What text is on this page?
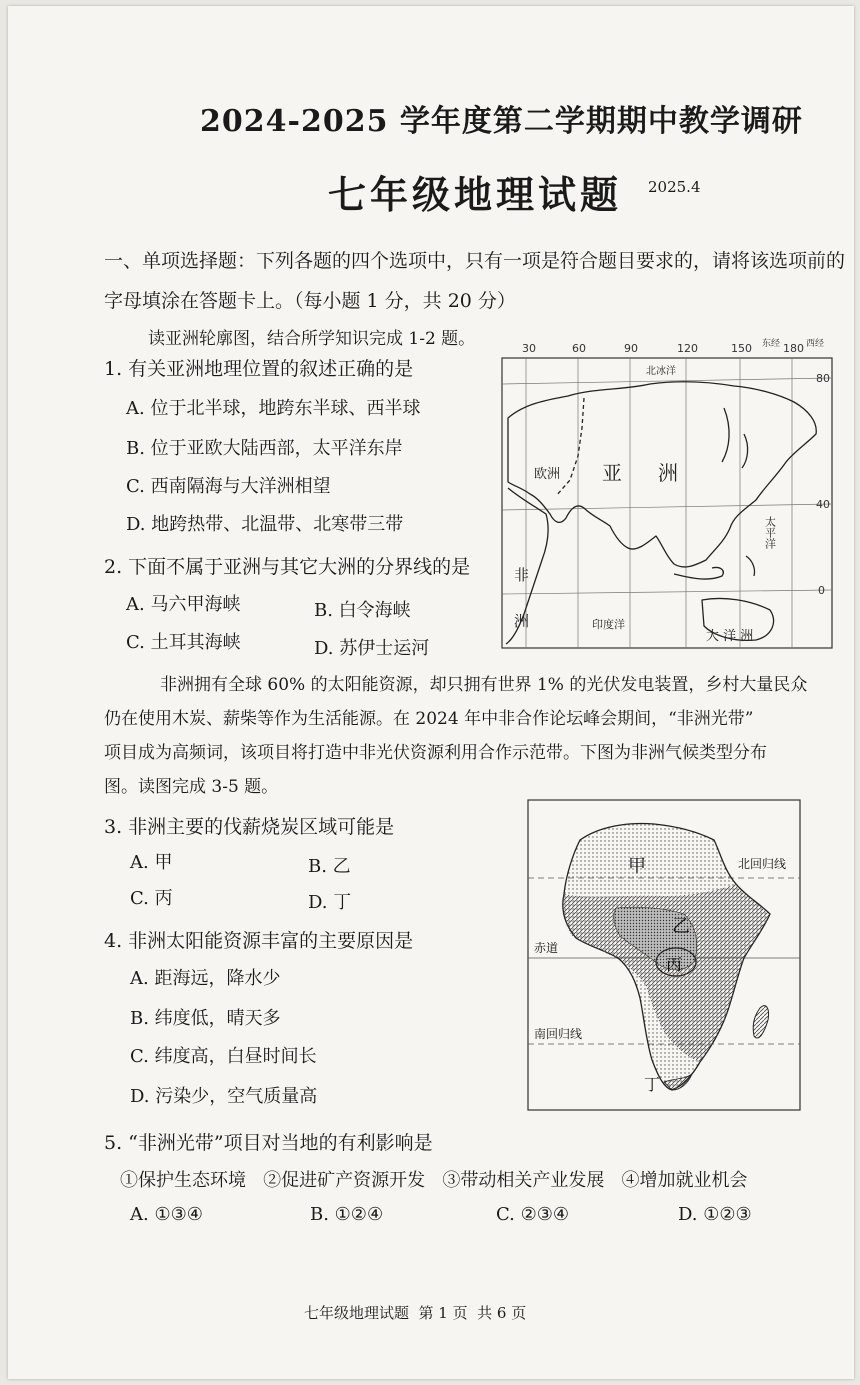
2024-2025 学年度第二学期期中教学调研
七年级地理试题 2025.4
一、单项选择题：下列各题的四个选项中，只有一项是符合题目要求的，请将该选项前的
字母填涂在答题卡上。（每小题 1 分，共 20 分）
读亚洲轮廓图，结合所学知识完成 1-2 题。
1. 有关亚洲地理位置的叙述正确的是
A. 位于北半球，地跨东半球、西半球
B. 位于亚欧大陆西部，太平洋东岸
C. 西南隔海与大洋洲相望
D. 地跨热带、北温带、北寒带三带
2. 下面不属于亚洲与其它大洲的分界线的是
A. 马六甲海峡	B. 白令海峡
C. 土耳其海峡	D. 苏伊士运河
30	60	90	120	150 东经 180 西经
80
40
0
北冰洋
欧洲 亚 洲
太平洋
非
洲	印度洋
大 洋 洲
非洲拥有全球 60% 的太阳能资源，却只拥有世界 1% 的光伏发电装置，乡村大量民众
仍在使用木炭、薪柴等作为生活能源。在 2024 年中非合作论坛峰会期间，“非洲光带”
项目成为高频词，该项目将打造中非光伏资源利用合作示范带。下图为非洲气候类型分布
图。读图完成 3-5 题。
3. 非洲主要的伐薪烧炭区域可能是
A. 甲	B. 乙
C. 丙	D. 丁
4. 非洲太阳能资源丰富的主要原因是
A. 距海远，降水少
B. 纬度低，晴天多
C. 纬度高，白昼时间长
D. 污染少，空气质量高
甲
乙
丙
丁
北回归线
赤道
南回归线
5. “非洲光带”项目对当地的有利影响是
①保护生态环境   ②促进矿产资源开发   ③带动相关产业发展   ④增加就业机会
A. ①③④	B. ①②④	C. ②③④	D. ①②③
七年级地理试题  第 1 页  共 6 页
